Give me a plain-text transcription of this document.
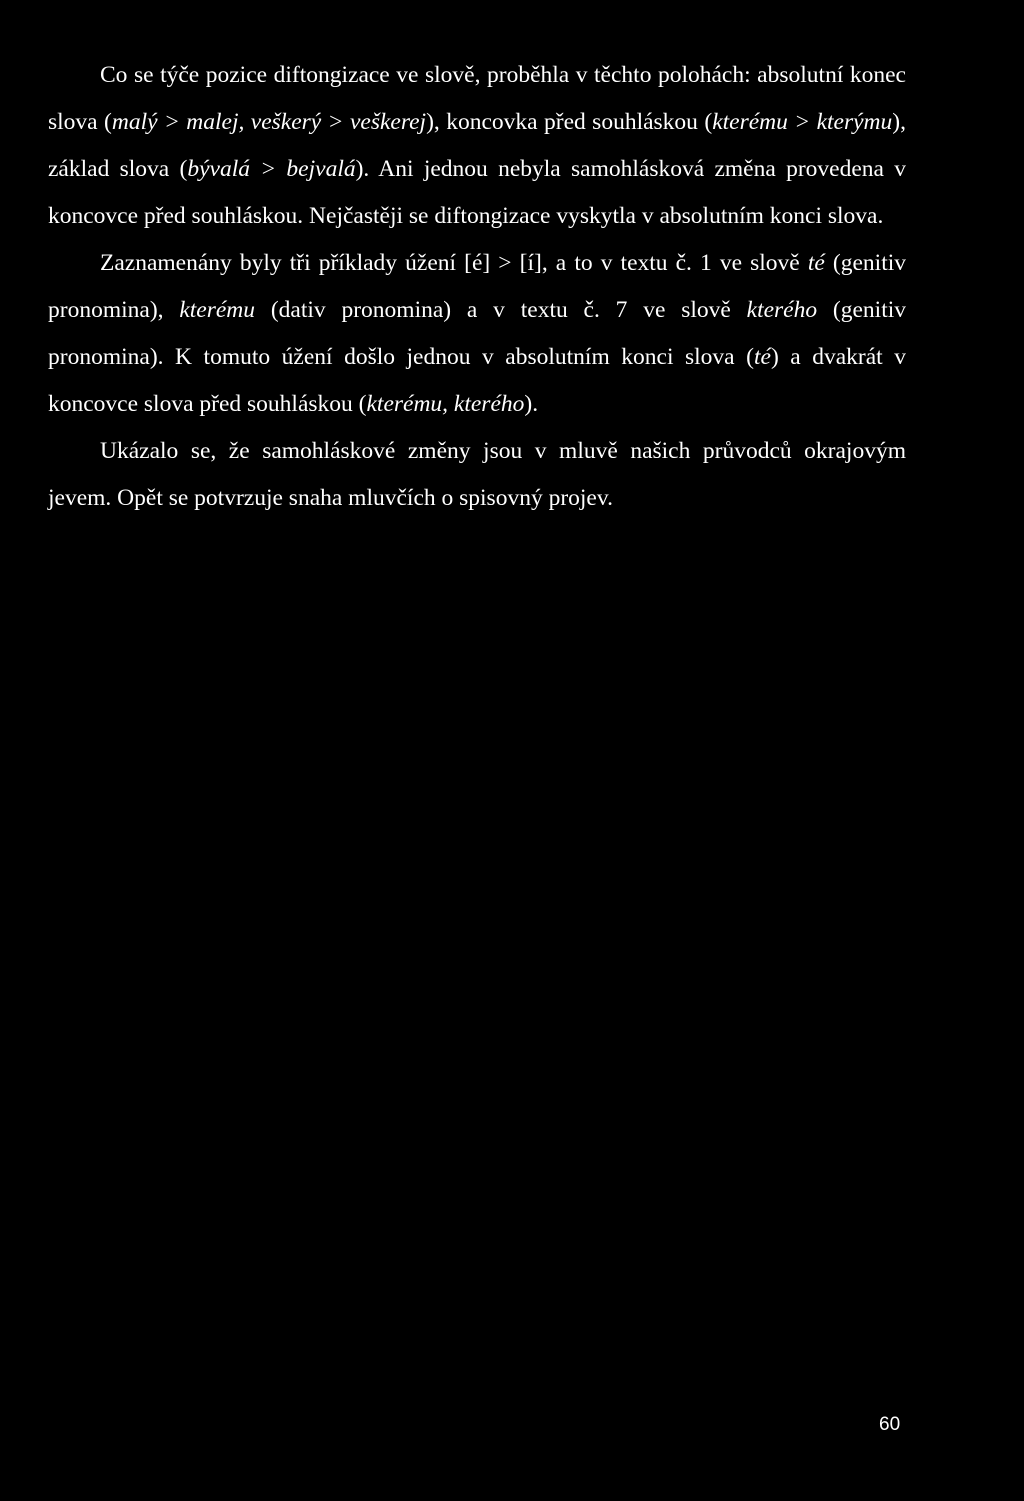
Co se týče pozice diftongizace ve slově, proběhla v těchto polohách: absolutní konec slova (malý > malej, veškerý > veškerej), koncovka před souhláskou (kterému > kterýmu), základ slova (bývalá > bejvalá). Ani jednou nebyla samohlásková změna provedena v koncovce před souhláskou. Nejčastěji se diftongizace vyskytla v absolutním konci slova.

Zaznamenány byly tři příklady úžení [é] > [í], a to v textu č. 1 ve slově té (genitiv pronomina), kterému (dativ pronomina) a v textu č. 7 ve slově kterého (genitiv pronomina). K tomuto úžení došlo jednou v absolutním konci slova (té) a dvakrát v koncovce slova před souhláskou (kterému, kterého).

Ukázalo se, že samohláskové změny jsou v mluvě našich průvodců okrajovým jevem. Opět se potvrzuje snaha mluvčích o spisovný projev.

60
